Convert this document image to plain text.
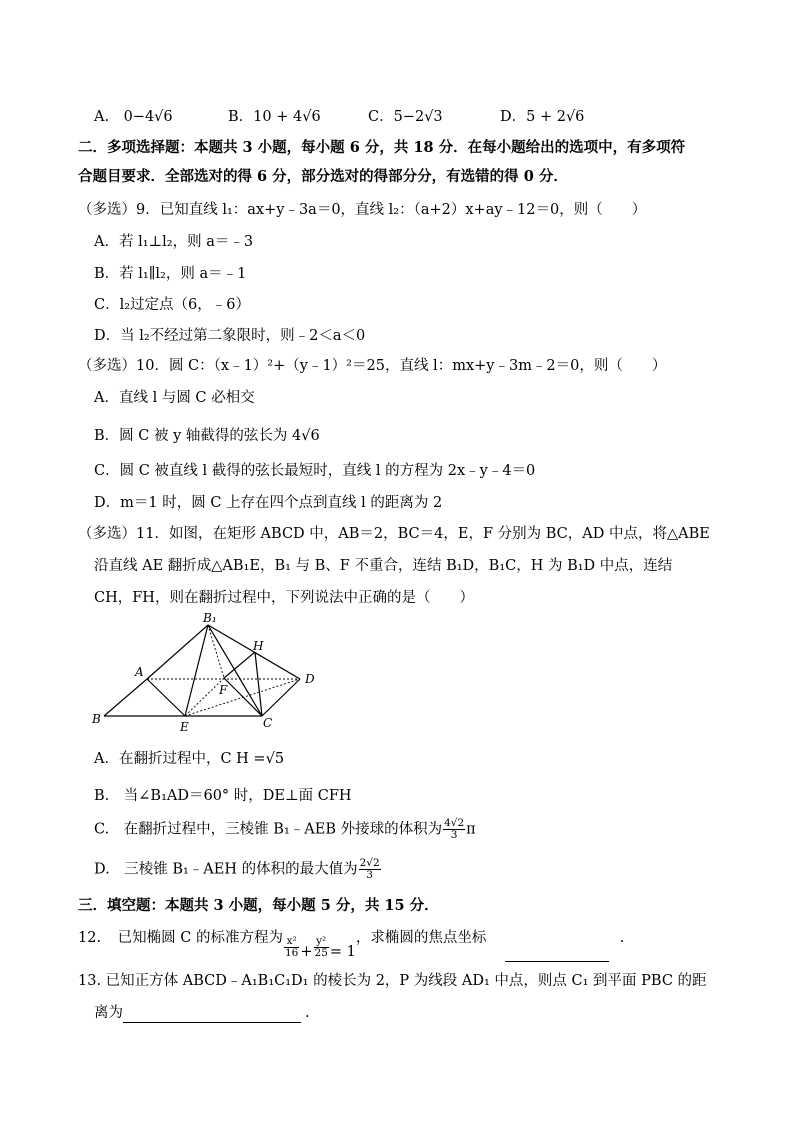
A.　0−4√6	B．10 + 4√6	C．5−2√3	D．5 + 2√6
二．多项选择题：本题共 3 小题，每小题 6 分，共 18 分．在每小题给出的选项中，有多项符
合题目要求．全部选对的得 6 分，部分选对的得部分分，有选错的得 0 分．
（多选）9．已知直线 l₁：ax+y﹣3a＝0，直线 l₂：（a+2）x+ay﹣12＝0，则（　　）
A．若 l₁⊥l₂，则 a＝﹣3
B．若 l₁∥l₂，则 a＝﹣1
C．l₂过定点（6，﹣6）
D．当 l₂不经过第二象限时，则﹣2＜a＜0
（多选）10．圆 C：（x﹣1）²+（y﹣1）²＝25，直线 l：mx+y﹣3m﹣2＝0，则（　　）
A．直线 l 与圆 C 必相交
B．圆 C 被 y 轴截得的弦长为 4√6
C．圆 C 被直线 l 截得的弦长最短时，直线 l 的方程为 2x﹣y﹣4＝0
D．m＝1 时，圆 C 上存在四个点到直线 l 的距离为 2
（多选）11．如图，在矩形 ABCD 中，AB＝2，BC＝4，E，F 分别为 BC，AD 中点，将△ABE
沿直线 AE 翻折成△AB₁E，B₁ 与 B、F 不重合，连结 B₁D，B₁C，H 为 B₁D 中点，连结
CH，FH，则在翻折过程中，下列说法中正确的是（　　）
B₁
H
A	D
F
B
E	C
A．在翻折过程中，C H =√5
B.　当∠B₁AD＝60° 时，DE⊥面 CFH
C.　在翻折过程中，三棱锥 B₁﹣AEB 外接球的体积为 $\frac{4√2}{3}$ π
D.　三棱锥 B₁﹣AEH 的体积的最大值为 $\frac{2√2}{3}$
三．填空题：本题共 3 小题，每小题 5 分，共 15 分．
12. 已知椭圆 C 的标准方程为 $\frac{\text{x²}}{16} + \frac{\text{y²}}{25} = 1$，求椭圆的焦点坐标	.
13. 已知正方体 ABCD﹣A₁B₁C₁D₁ 的棱长为 2，P 为线段 AD₁ 中点，则点 C₁ 到平面 PBC 的距
离为	.
